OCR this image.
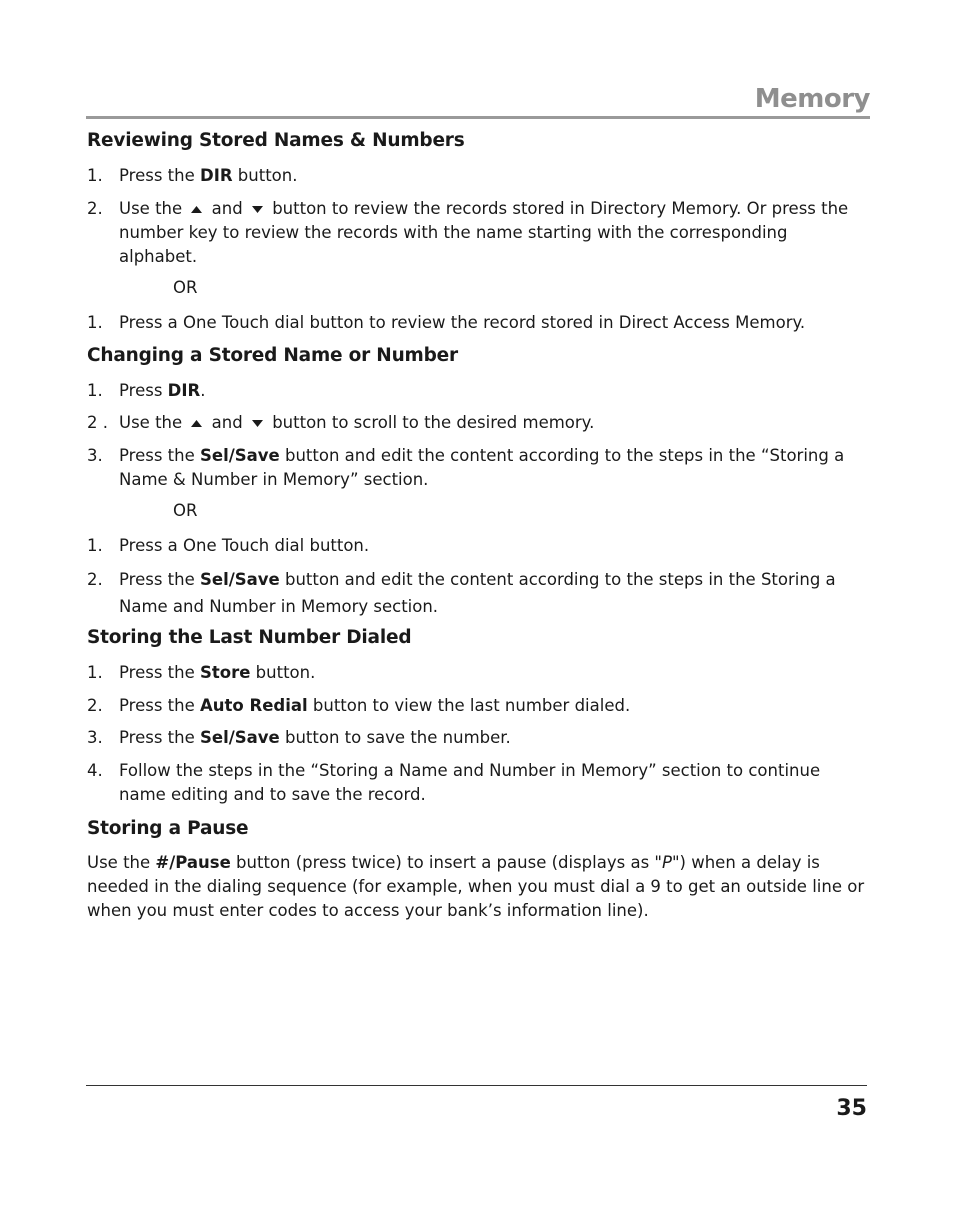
Memory
Reviewing Stored Names & Numbers
1. Press the DIR button.
2. Use the  and  button to review the records stored in Directory Memory. Or press the number key to review the records with the name starting with the corresponding alphabet.
OR
1. Press a One Touch dial button to review the record stored in Direct Access Memory.
Changing a Stored Name or Number
1. Press DIR.
2 . Use the  and  button to scroll to the desired memory.
3. Press the Sel/Save button and edit the content according to the steps in the “Storing a Name & Number in Memory” section.
OR
1. Press a One Touch dial button.
2. Press the Sel/Save button and edit the content according to the steps in the Storing a Name and Number in Memory section.
Storing the Last Number Dialed
1. Press the Store button.
2. Press the Auto Redial button to view the last number dialed.
3. Press the Sel/Save button to save the number.
4. Follow the steps in the “Storing a Name and Number in Memory” section to continue name editing and to save the record.
Storing a Pause
Use the #/Pause button (press twice) to insert a pause (displays as "P") when a delay is needed in the dialing sequence (for example, when you must dial a 9 to get an outside line or when you must enter codes to access your bank’s information line).
35
